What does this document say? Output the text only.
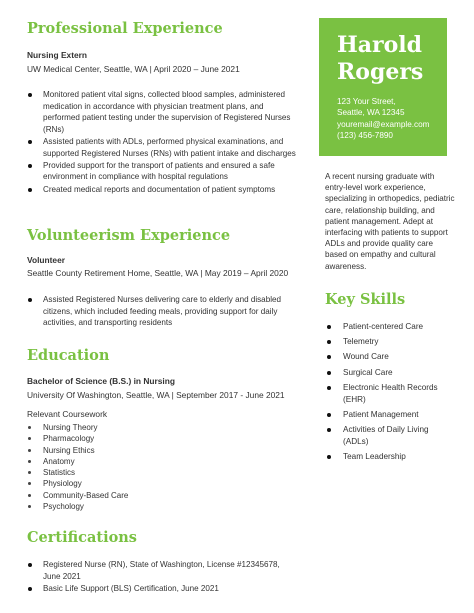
Professional Experience
Nursing Extern
UW Medical Center, Seattle, WA | April 2020 – June 2021
Monitored patient vital signs, collected blood samples, administered medication in accordance with physician treatment plans, and performed patient testing under the supervision of Registered Nurses (RNs)
Assisted patients with ADLs, performed physical examinations, and supported Registered Nurses (RNs) with patient intake and discharges
Provided support for the transport of patients and ensured a safe environment in compliance with hospital regulations
Created medical reports and documentation of patient symptoms
Volunteerism Experience
Volunteer
Seattle County Retirement Home, Seattle, WA | May 2019 – April 2020
Assisted Registered Nurses delivering care to elderly and disabled citizens, which included feeding meals, providing support for daily activities, and transporting residents
Education
Bachelor of Science (B.S.) in Nursing
University Of Washington, Seattle, WA | September 2017 - June 2021
Relevant Coursework
Nursing Theory
Pharmacology
Nursing Ethics
Anatomy
Statistics
Physiology
Community-Based Care
Psychology
Certifications
Registered Nurse (RN), State of Washington, License #12345678, June 2021
Basic Life Support (BLS) Certification, June 2021
Harold
Rogers
123 Your Street,
Seattle, WA 12345
youremail@example.com
(123) 456-7890

A recent nursing graduate with entry-level work experience, specializing in orthopedics, pediatric care, relationship building, and patient management. Adept at interfacing with patients to support ADLs and provide quality care based on empathy and cultural awareness.

Key Skills
Patient-centered Care
Telemetry
Wound Care
Surgical Care
Electronic Health Records (EHR)
Patient Management
Activities of Daily Living (ADLs)
Team Leadership
